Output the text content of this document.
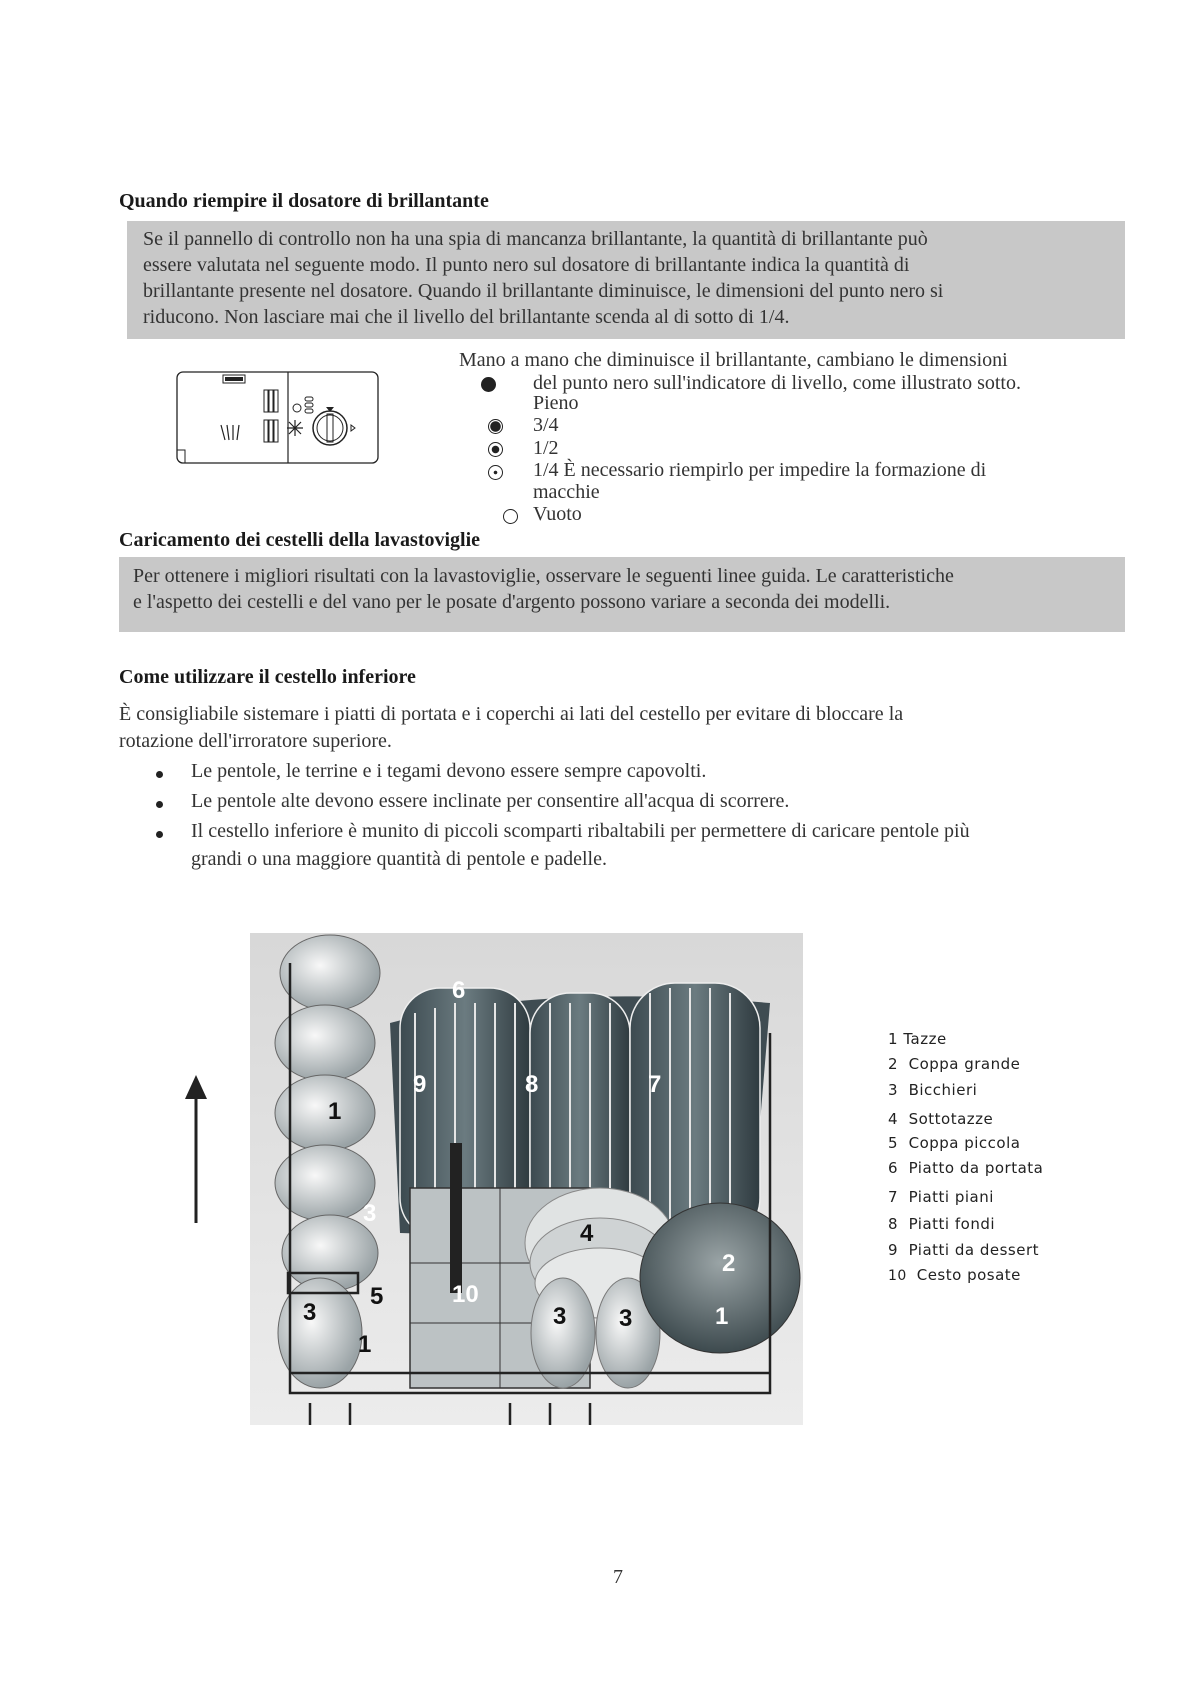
Quando riempire il dosatore di brillantante

Se il pannello di controllo non ha una spia di mancanza brillantante, la quantità di brillantante può

essere valutata nel seguente modo. Il punto nero sul dosatore di brillantante indica la quantità di

brillantante presente nel dosatore. Quando il brillantante diminuisce, le dimensioni del punto nero si

riducono. Non lasciare mai che il livello del brillantante scenda al di sotto di 1/4.

Mano a mano che diminuisce il brillantante, cambiano le dimensioni
del punto nero sull'indicatore di livello, come illustrato sotto.
Pieno
3/4
1/2
1/4 È necessario riempirlo per impedire la formazione di
macchie
Vuoto
Caricamento dei cestelli della lavastoviglie

Per ottenere i migliori risultati con la lavastoviglie, osservare le seguenti linee guida. Le caratteristiche

e l'aspetto dei cestelli e del vano per le posate d'argento possono variare a seconda dei modelli.

Come utilizzare il cestello inferiore
È consigliabile sistemare i piatti di portata e i coperchi ai lati del cestello per evitare di bloccare la
rotazione dell'irroratore superiore.
Le pentole, le terrine e i tegami devono essere sempre capovolti.
Le pentole alte devono essere inclinate per consentire all'acqua di scorrere.
Il cestello inferiore è munito di piccoli scomparti ribaltabili per permettere di caricare pentole più
grandi o una maggiore quantità di pentole e padelle.
6
9	8	7
1
3
4
2
5
3
10
3 3	1
1
1 Tazze
2 Coppa grande
3 Bicchieri
4 Sottotazze
5 Coppa piccola
6 Piatto da portata
7 Piatti piani
8 Piatti fondi
9 Piatti da dessert
10 Cesto posate
7
